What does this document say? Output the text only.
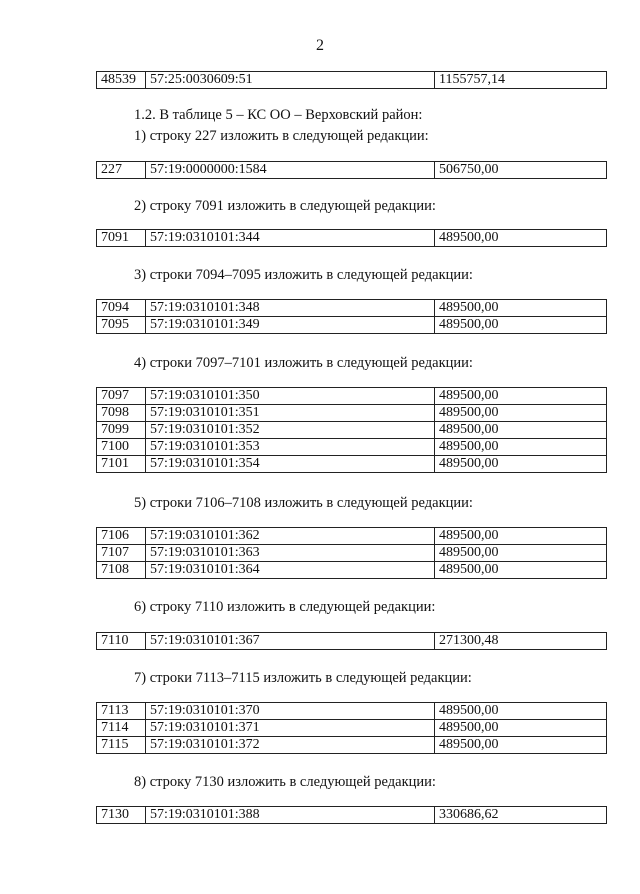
2
48539	57:25:0030609:51	1155757,14
1.2. В таблице 5 – КС ОО – Верховский район:
1) строку 227 изложить в следующей редакции:
227	57:19:0000000:1584	506750,00
2) строку 7091 изложить в следующей редакции:
7091	57:19:0310101:344	489500,00
3) строки 7094–7095 изложить в следующей редакции:
7094	57:19:0310101:348	489500,00
7095	57:19:0310101:349	489500,00
4) строки 7097–7101 изложить в следующей редакции:
7097	57:19:0310101:350	489500,00
7098	57:19:0310101:351	489500,00
7099	57:19:0310101:352	489500,00
7100	57:19:0310101:353	489500,00
7101	57:19:0310101:354	489500,00
5) строки 7106–7108 изложить в следующей редакции:
7106	57:19:0310101:362	489500,00
7107	57:19:0310101:363	489500,00
7108	57:19:0310101:364	489500,00
6) строку 7110 изложить в следующей редакции:
7110	57:19:0310101:367	271300,48
7) строки 7113–7115 изложить в следующей редакции:
7113	57:19:0310101:370	489500,00
7114	57:19:0310101:371	489500,00
7115	57:19:0310101:372	489500,00
8) строку 7130 изложить в следующей редакции:
7130	57:19:0310101:388	330686,62
